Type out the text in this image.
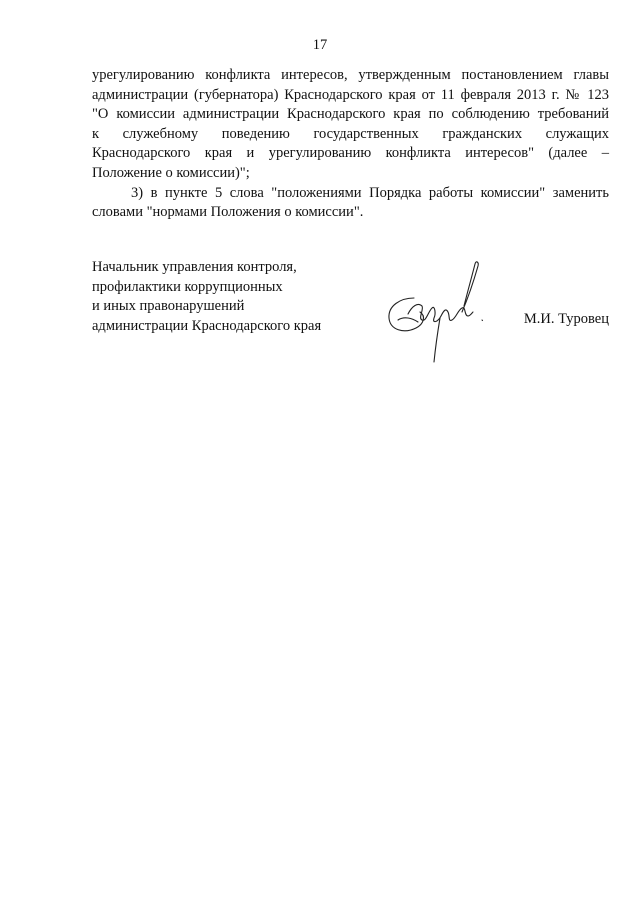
17

урегулированию конфликта интересов, утвержденным постановлением главы

администрации (губернатора) Краснодарского края от 11 февраля 2013 г. № 123

"О комиссии администрации Краснодарского края по соблюдению требований

к служебному поведению государственных гражданских служащих

Краснодарского края и урегулированию конфликта интересов" (далее –

Положение о комиссии)";

3) в пункте 5 слова "положениями Порядка работы комиссии" заменить словами "нормами Положения о комиссии".

Начальник управления контроля,
профилактики коррупционных
и иных правонарушений
администрации Краснодарского края	М.И. Туровец
